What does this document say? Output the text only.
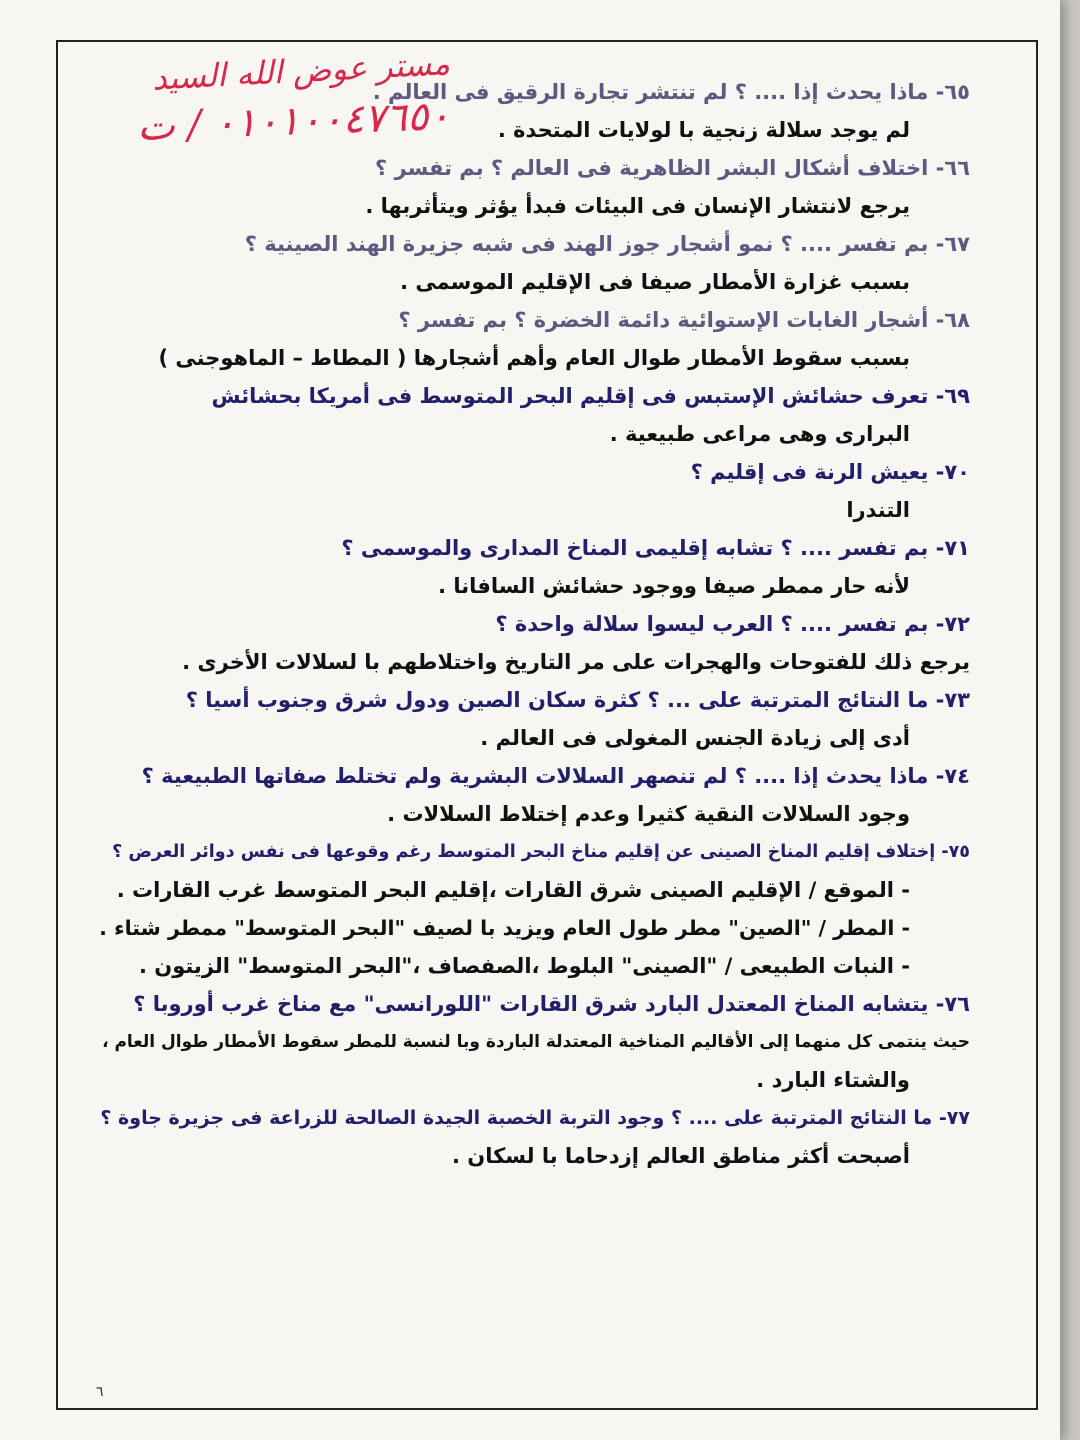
مستر عوض الله السيد
٠١٠١٠٠٤٧٦٥٠ / ت
٦٥- ماذا يحدث إذا .... ؟ لم تنتشر تجارة الرقيق فى العالم .
لم يوجد سلالة زنجية با لولايات المتحدة .
٦٦- اختلاف أشكال البشر الظاهرية فى العالم ؟ بم تفسر ؟
يرجع لانتشار الإنسان فى البيئات فبدأ يؤثر ويتأثربها .
٦٧- بم تفسر .... ؟ نمو أشجار جوز الهند فى شبه جزيرة الهند الصينية ؟
بسبب غزارة الأمطار صيفا فى الإقليم الموسمى .
٦٨- أشجار الغابات الإستوائية دائمة الخضرة ؟ بم تفسر ؟
بسبب سقوط الأمطار طوال العام وأهم أشجارها ( المطاط – الماهوجنى )
٦٩- تعرف حشائش الإستبس فى إقليم البحر المتوسط فى أمريكا بحشائش
البرارى وهى مراعى طبيعية .
٧٠- يعيش الرنة فى إقليم ؟
التندرا
٧١- بم تفسر .... ؟ تشابه إقليمى المناخ المدارى والموسمى ؟
لأنه حار ممطر صيفا ووجود حشائش السافانا .
٧٢- بم تفسر .... ؟ العرب ليسوا سلالة واحدة ؟
يرجع ذلك للفتوحات والهجرات على مر التاريخ واختلاطهم با لسلالات الأخرى .
٧٣- ما النتائج المترتبة على ... ؟ كثرة سكان الصين ودول شرق وجنوب أسيا ؟
أدى إلى زيادة الجنس المغولى فى العالم .
٧٤- ماذا يحدث إذا .... ؟ لم تنصهر السلالات البشرية ولم تختلط صفاتها الطبيعية ؟
وجود السلالات النقية كثيرا وعدم إختلاط السلالات .
٧٥- إختلاف إقليم المناخ الصينى عن إقليم مناخ البحر المتوسط رغم وقوعها فى نفس دوائر العرض ؟
- الموقع / الإقليم الصينى شرق القارات ،إقليم البحر المتوسط غرب القارات .
- المطر / "الصين" مطر طول العام ويزيد با لصيف "البحر المتوسط" ممطر شتاء .
- النبات الطبيعى / "الصينى" البلوط ،الصفصاف ،"البحر المتوسط" الزيتون .
٧٦- يتشابه المناخ المعتدل البارد شرق القارات "اللورانسى" مع مناخ غرب أوروبا ؟
حيث ينتمى كل منهما إلى الأقاليم المناخية المعتدلة الباردة وبا لنسبة للمطر سقوط الأمطار طوال العام ،
والشتاء البارد .
٧٧- ما النتائج المترتبة على .... ؟ وجود التربة الخصبة الجيدة الصالحة للزراعة فى جزيرة جاوة ؟
أصبحت أكثر مناطق العالم إزدحاما با لسكان .
٦
